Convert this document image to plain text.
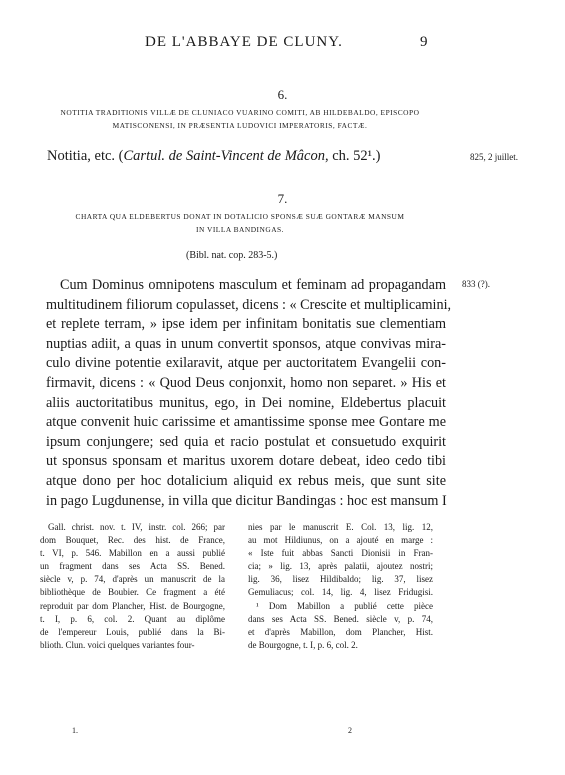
DE L'ABBAYE DE CLUNY.	9
6.
NOTITIA TRADITIONIS VILLÆ DE CLUNIACO VUARINO COMITI, AB HILDEBALDO, EPISCOPO
MATISCONENSI, IN PRÆSENTIA LUDOVICI IMPERATORIS, FACTÆ.
Notitia, etc. (Cartul. de Saint-Vincent de Mâcon, ch. 52¹.)	825, 2 juillet.
7.
CHARTA QUA ELDEBERTUS DONAT IN DOTALICIO SPONSÆ SUÆ GONTARÆ MANSUM
IN VILLA BANDINGAS.
(Bibl. nat. cop. 283-5.)
833 (?).
Cum Dominus omnipotens masculum et feminam ad propagandam
multitudinem filiorum copulasset, dicens : « Crescite et multiplicamini,
et replete terram, » ipse idem per infinitam bonitatis sue clementiam
nuptias adiit, a quas in unum convertit sponsos, atque convivas mira-
culo divine potentie exilaravit, atque per auctoritatem Evangelii con-
firmavit, dicens : « Quod Deus conjonxit, homo non separet. » His et
aliis auctoritatibus munitus, ego, in Dei nomine, Eldebertus placuit
atque convenit huic carissime et amantissime sponse mee Gontare me
ipsum conjungere; sed quia et racio postulat et consuetudo exquirit
ut sponsus sponsam et maritus uxorem dotare debeat, ideo cedo tibi
atque dono per hoc dotalicium aliquid ex rebus meis, que sunt site
in pago Lugdunense, in villa que dicitur Bandingas : hoc est mansum I
Gall. christ. nov. t. IV, instr. col. 266; par
dom Bouquet, Rec. des hist. de France,
t. VI, p. 546. Mabillon en a aussi publié
un fragment dans ses Acta SS. Bened.
siècle v, p. 74, d'après un manuscrit de la
bibliothèque de Boubier. Ce fragment a été
reproduit par dom Plancher, Hist. de Bourgogne,
t. I, p. 6, col. 2. Quant au diplôme
de l'empereur Louis, publié dans la Bi-
blioth. Clun. voici quelques variantes four-
nies par le manuscrit E. Col. 13, lig. 12,
au mot Hildiunus, on a ajouté en marge :
« Iste fuit abbas Sancti Dionisii in Fran-
cia; » lig. 13, après palatii, ajoutez nostri;
lig. 36, lisez Hildibaldo; lig. 37, lisez
Gemuliacus; col. 14, lig. 4, lisez Fridugisi.
¹ Dom Mabillon a publié cette pièce
dans ses Acta SS. Bened. siècle v, p. 74,
et d'après Mabillon, dom Plancher, Hist.
de Bourgogne, t. I, p. 6, col. 2.
1.	2
